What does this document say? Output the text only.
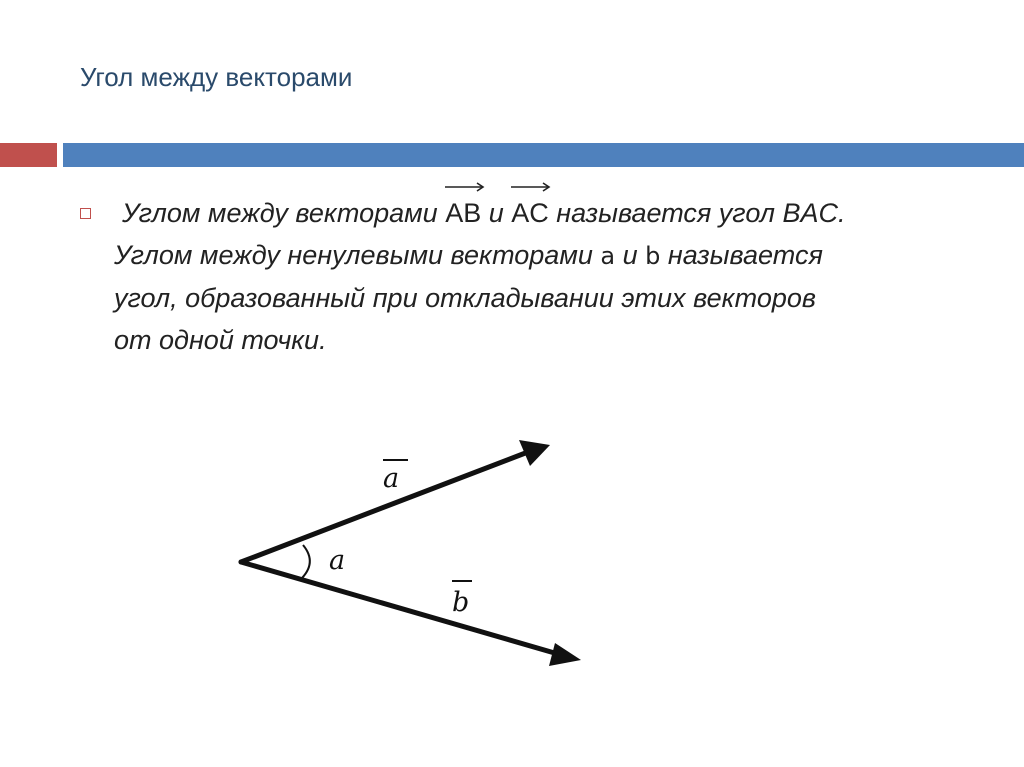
Угол между векторами
Углом между векторами
AB и
AC называется угол BAC.
Углом между ненулевыми векторами a и b называется
угол, образованный при откладывании этих векторов
от одной точки.
a
b
a
